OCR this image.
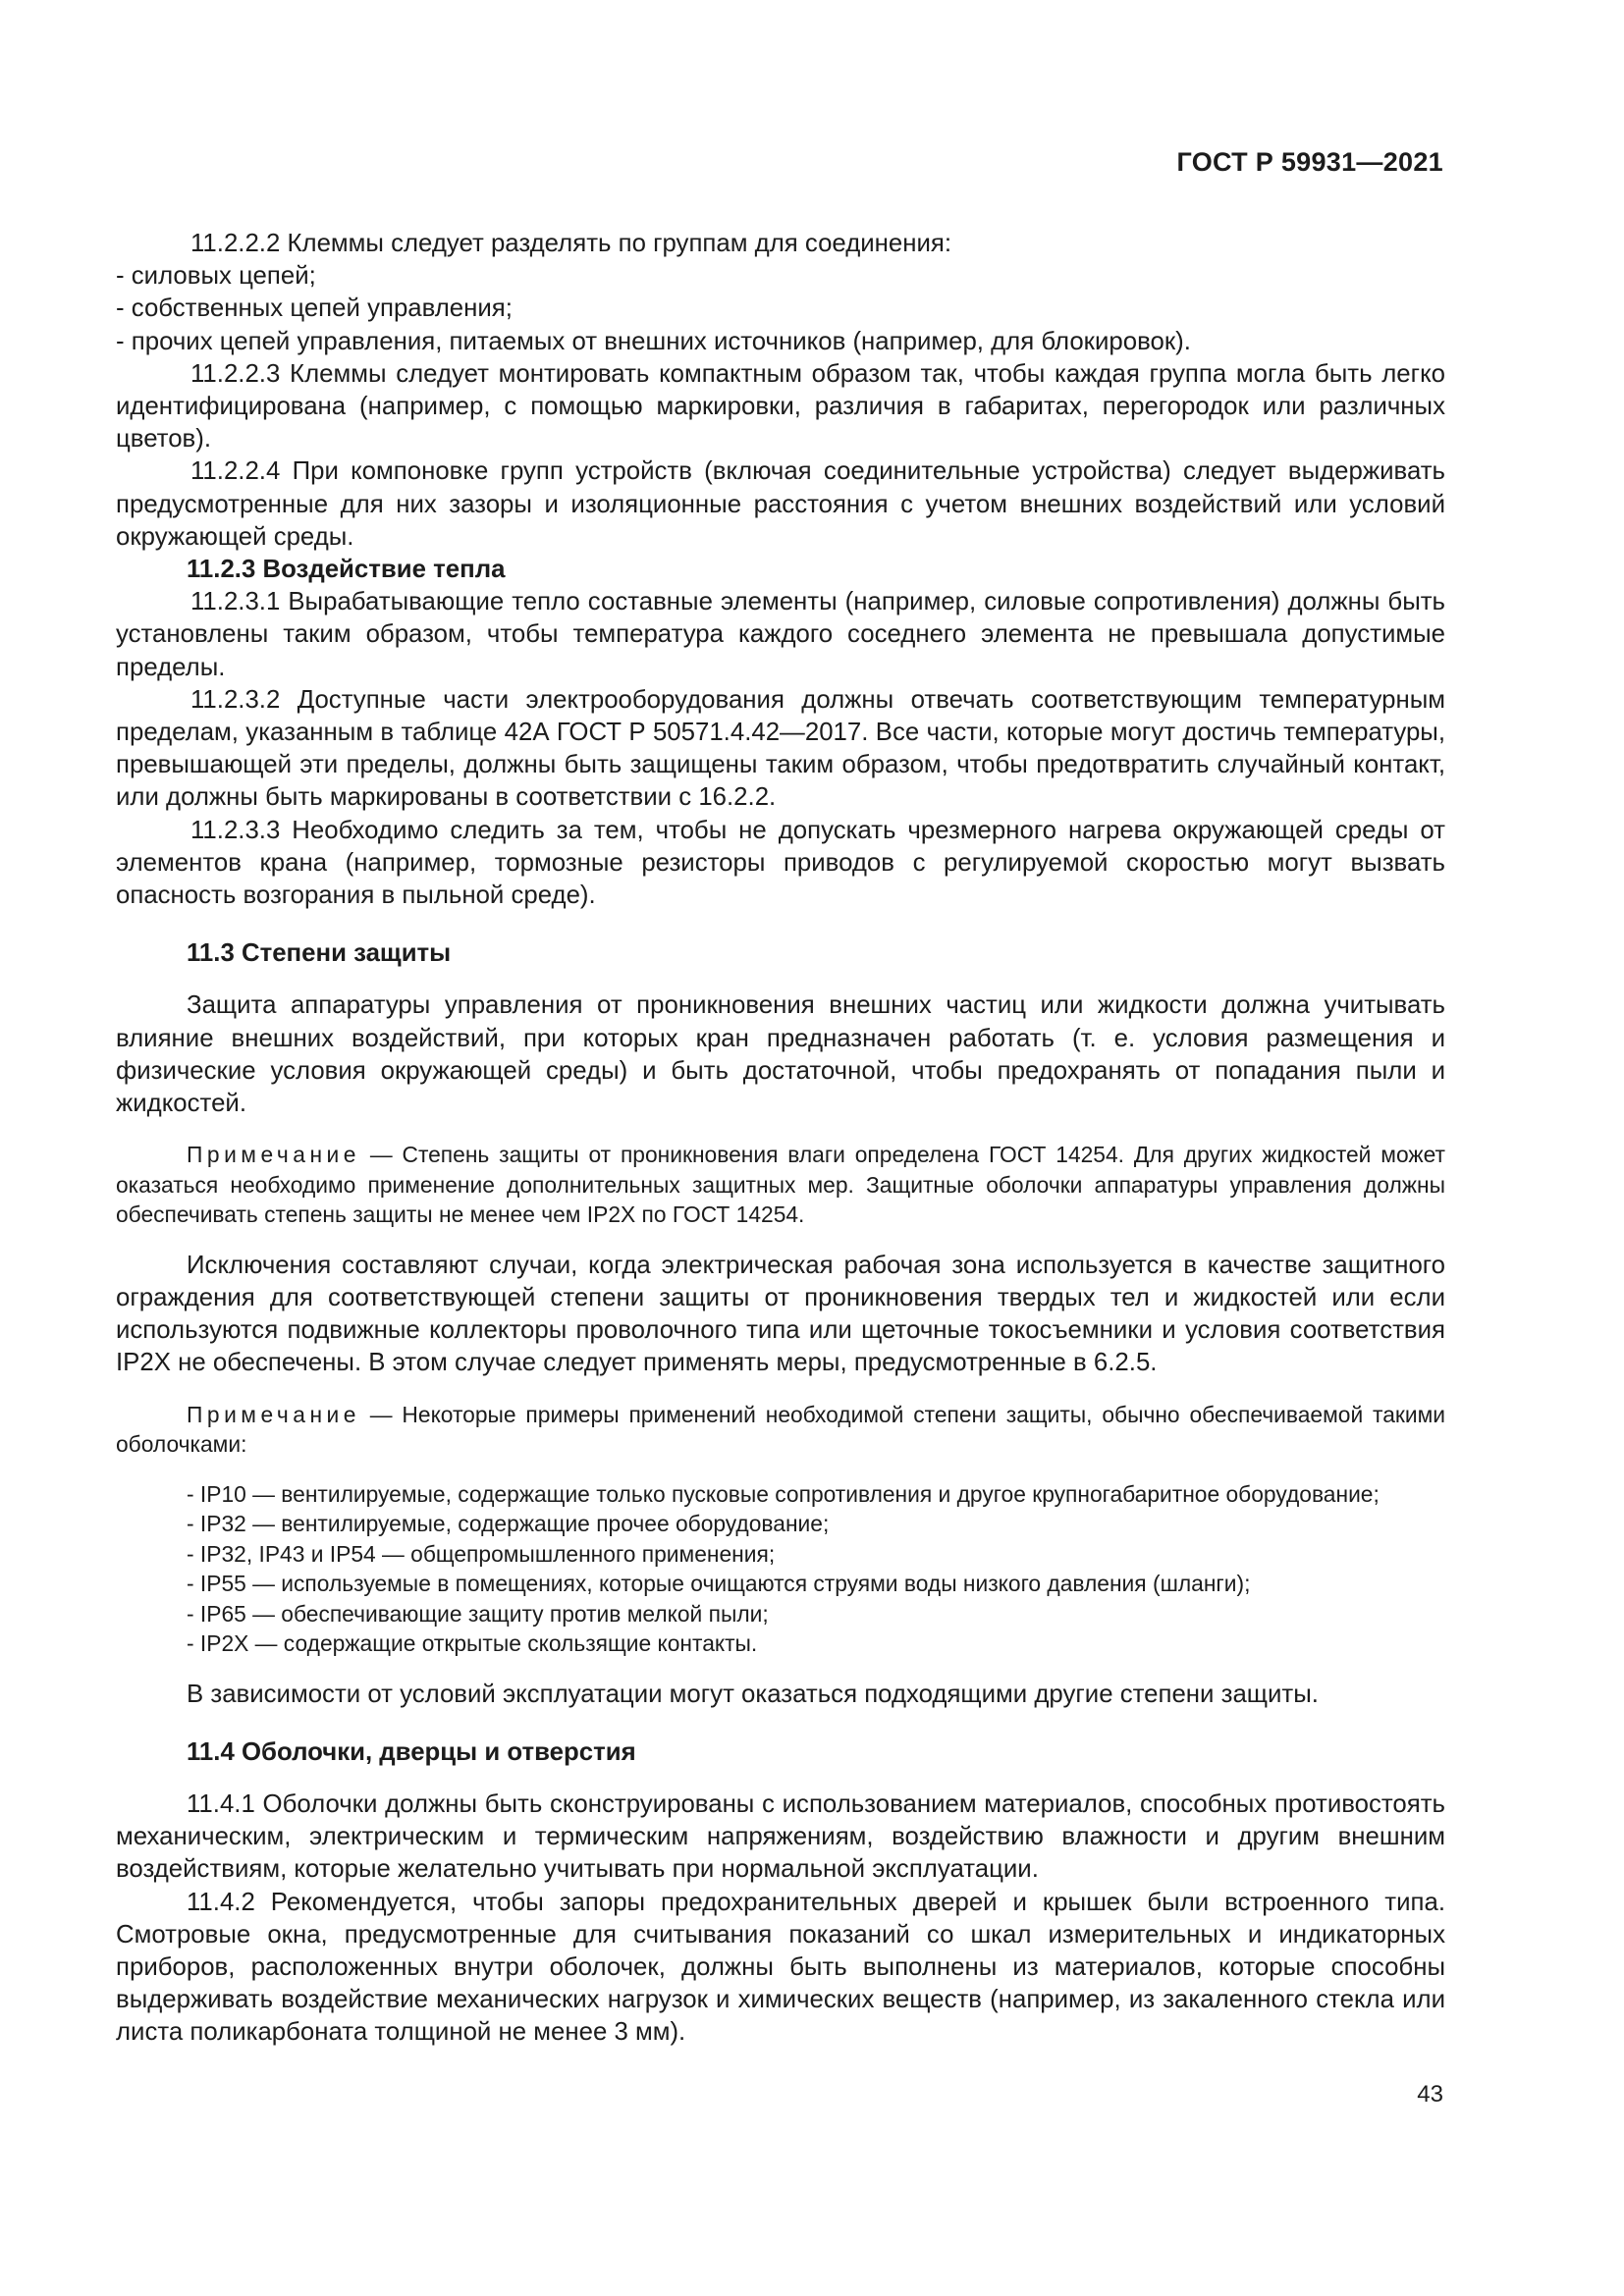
ГОСТ Р 59931—2021

11.2.2.2 Клеммы следует разделять по группам для соединения:

- силовых цепей;

- собственных цепей управления;

- прочих цепей управления, питаемых от внешних источников (например, для блокировок).

11.2.2.3 Клеммы следует монтировать компактным образом так, чтобы каждая группа могла быть легко идентифицирована (например, с помощью маркировки, различия в габаритах, перегородок или различных цветов).

11.2.2.4 При компоновке групп устройств (включая соединительные устройства) следует выдерживать предусмотренные для них зазоры и изоляционные расстояния с учетом внешних воздействий или условий окружающей среды.

11.2.3 Воздействие тепла

11.2.3.1 Вырабатывающие тепло составные элементы (например, силовые сопротивления) должны быть установлены таким образом, чтобы температура каждого соседнего элемента не превышала допустимые пределы.

11.2.3.2 Доступные части электрооборудования должны отвечать соответствующим температурным пределам, указанным в таблице 42А ГОСТ Р 50571.4.42—2017. Все части, которые могут достичь температуры, превышающей эти пределы, должны быть защищены таким образом, чтобы предотвратить случайный контакт, или должны быть маркированы в соответствии с 16.2.2.

11.2.3.3 Необходимо следить за тем, чтобы не допускать чрезмерного нагрева окружающей среды от элементов крана (например, тормозные резисторы приводов с регулируемой скоростью могут вызвать опасность возгорания в пыльной среде).

11.3 Степени защиты

Защита аппаратуры управления от проникновения внешних частиц или жидкости должна учитывать влияние внешних воздействий, при которых кран предназначен работать (т. е. условия размещения и физические условия окружающей среды) и быть достаточной, чтобы предохранять от попадания пыли и жидкостей.

Примечание — Степень защиты от проникновения влаги определена ГОСТ 14254. Для других жидкостей может оказаться необходимо применение дополнительных защитных мер. Защитные оболочки аппаратуры управления должны обеспечивать степень защиты не менее чем IP2X по ГОСТ 14254.

Исключения составляют случаи, когда электрическая рабочая зона используется в качестве защитного ограждения для соответствующей степени защиты от проникновения твердых тел и жидкостей или если используются подвижные коллекторы проволочного типа или щеточные токосъемники и условия соответствия IP2X не обеспечены. В этом случае следует применять меры, предусмотренные в 6.2.5.

Примечание — Некоторые примеры применений необходимой степени защиты, обычно обеспечиваемой такими оболочками:

- IP10 — вентилируемые, содержащие только пусковые сопротивления и другое крупногабаритное оборудование;

- IP32 — вентилируемые, содержащие прочее оборудование;

- IP32, IP43 и IP54 — общепромышленного применения;

- IP55 — используемые в помещениях, которые очищаются струями воды низкого давления (шланги);

- IP65 — обеспечивающие защиту против мелкой пыли;

- IP2X — содержащие открытые скользящие контакты.

В зависимости от условий эксплуатации могут оказаться подходящими другие степени защиты.

11.4 Оболочки, дверцы и отверстия

11.4.1 Оболочки должны быть сконструированы с использованием материалов, способных противостоять механическим, электрическим и термическим напряжениям, воздействию влажности и другим внешним воздействиям, которые желательно учитывать при нормальной эксплуатации.

11.4.2 Рекомендуется, чтобы запоры предохранительных дверей и крышек были встроенного типа. Смотровые окна, предусмотренные для считывания показаний со шкал измерительных и индикаторных приборов, расположенных внутри оболочек, должны быть выполнены из материалов, которые способны выдерживать воздействие механических нагрузок и химических веществ (например, из закаленного стекла или листа поликарбоната толщиной не менее 3 мм).

43
